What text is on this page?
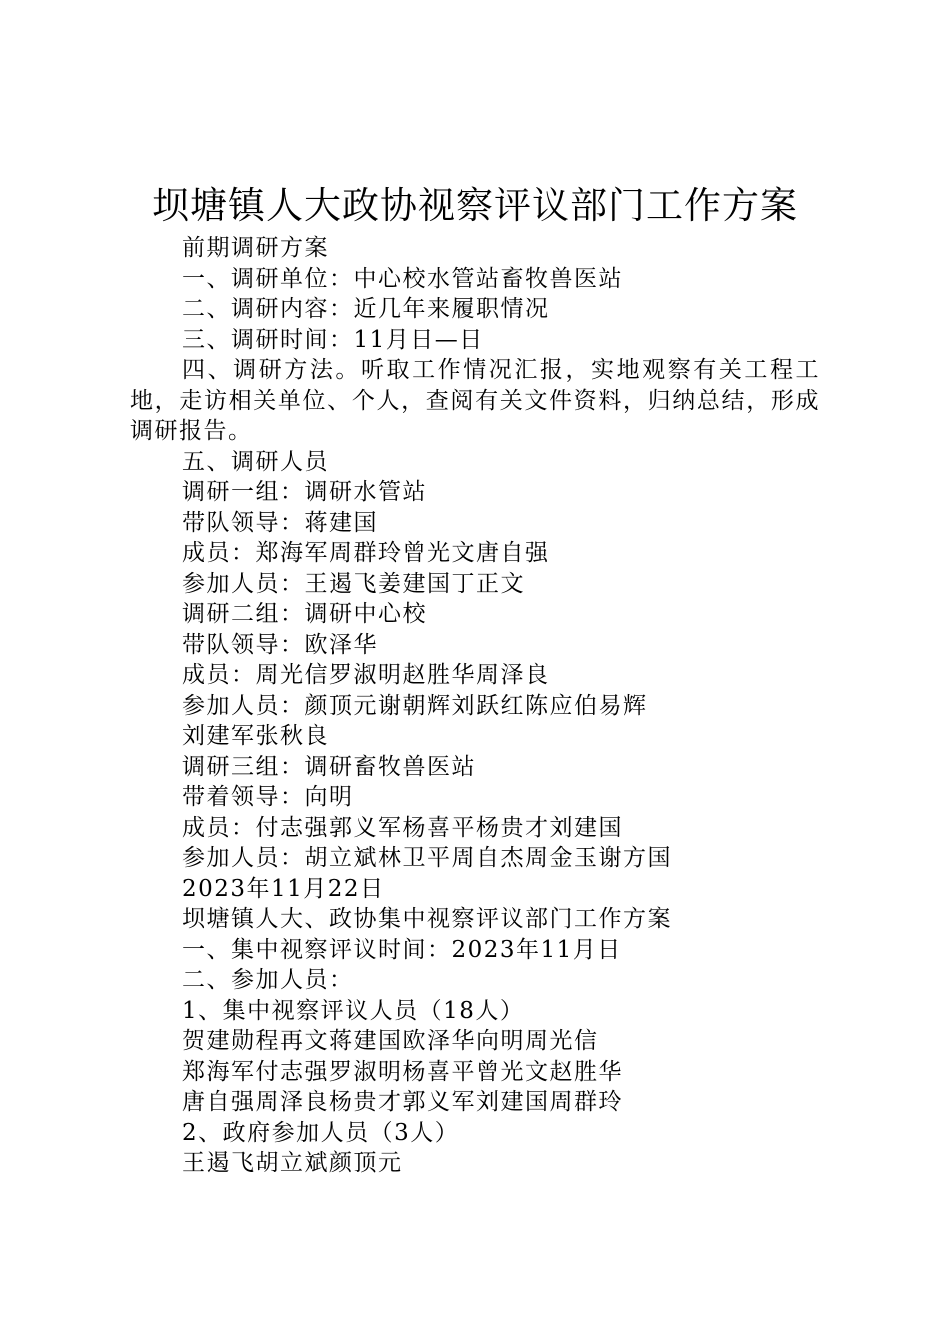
坝塘镇人大政协视察评议部门工作方案
前期调研方案
一、调研单位：中心校水管站畜牧兽医站
二、调研内容：近几年来履职情况
三、调研时间：11月日—日
四、调研方法。听取工作情况汇报，实地观察有关工程工地，走访相关单位、个人，查阅有关文件资料，归纳总结，形成调研报告。
五、调研人员
调研一组：调研水管站
带队领导：蒋建国
成员：郑海军周群玲曾光文唐自强
参加人员：王遏飞姜建国丁正文
调研二组：调研中心校
带队领导：欧泽华
成员：周光信罗淑明赵胜华周泽良
参加人员：颜顶元谢朝辉刘跃红陈应伯易辉
刘建军张秋良
调研三组：调研畜牧兽医站
带着领导：向明
成员：付志强郭义军杨喜平杨贵才刘建国
参加人员：胡立斌林卫平周自杰周金玉谢方国
2023年11月22日
坝塘镇人大、政协集中视察评议部门工作方案
一、集中视察评议时间：2023年11月日
二、参加人员：
1、集中视察评议人员（18人）
贺建勋程再文蒋建国欧泽华向明周光信
郑海军付志强罗淑明杨喜平曾光文赵胜华
唐自强周泽良杨贵才郭义军刘建国周群玲
2、政府参加人员（3人）
王遏飞胡立斌颜顶元
